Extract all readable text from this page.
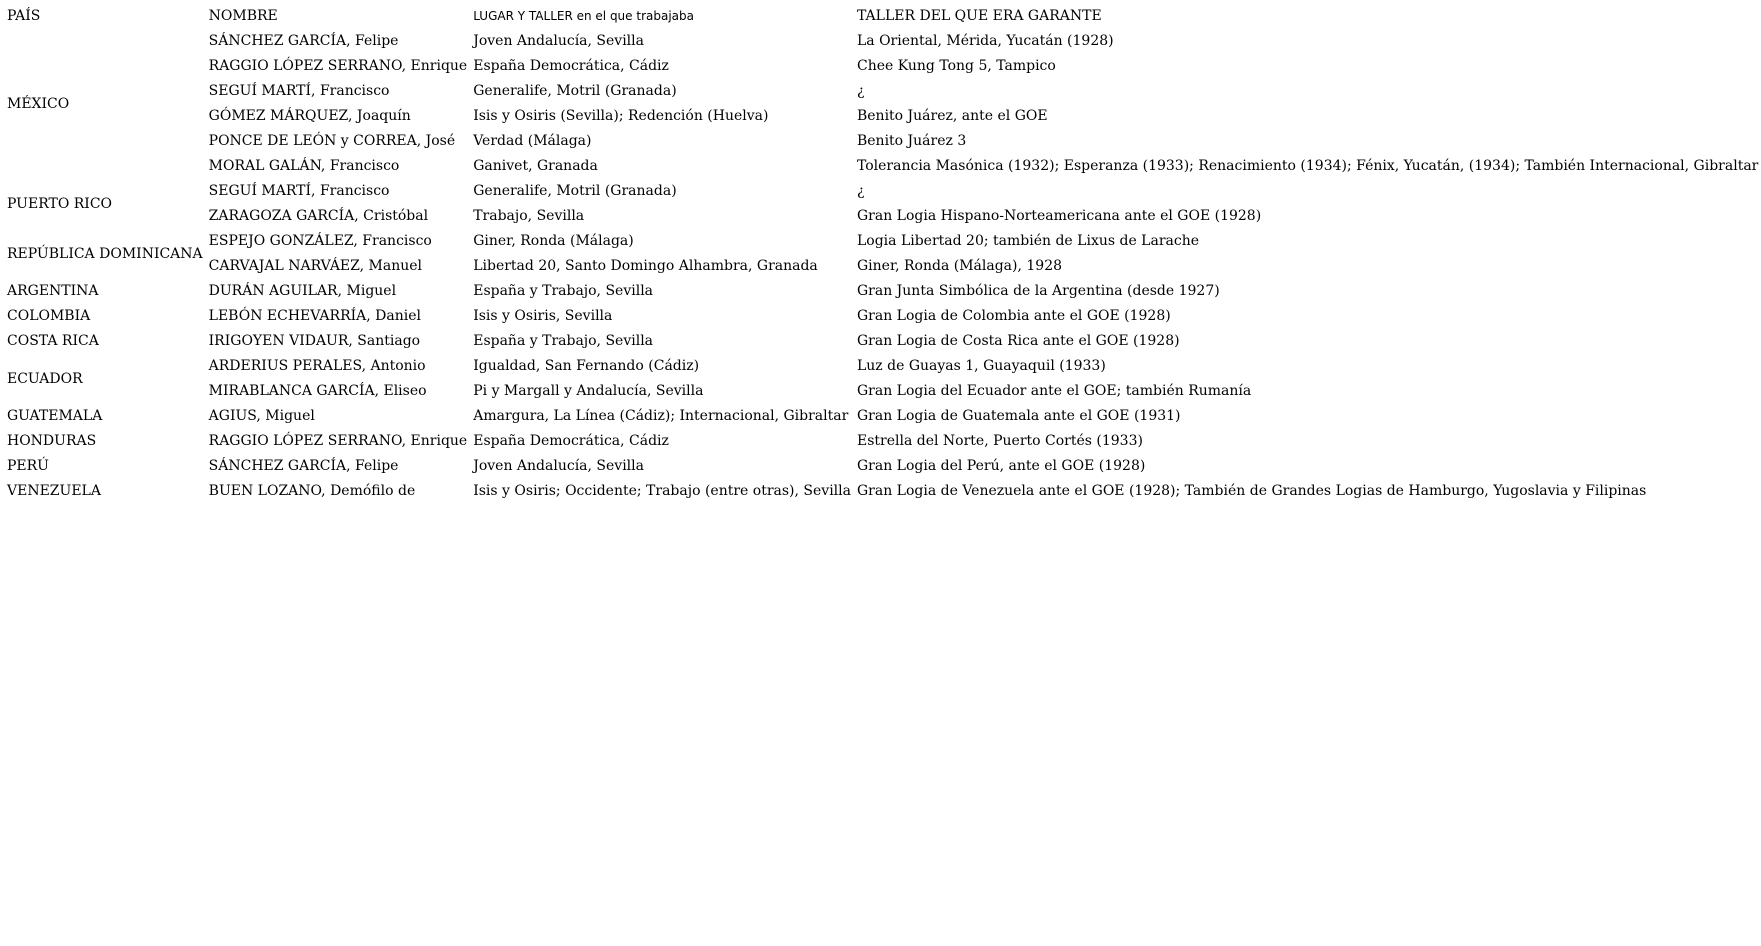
PAÍS	NOMBRE	LUGAR Y TALLER en el que trabajaba	TALLER DEL QUE ERA GARANTE
MÉXICO	SÁNCHEZ GARCÍA, Felipe	Joven Andalucía, Sevilla	La Oriental, Mérida, Yucatán (1928)
	RAGGIO LÓPEZ SERRANO, Enrique	España Democrática, Cádiz	Chee Kung Tong 5, Tampico
	SEGUÍ MARTÍ, Francisco	Generalife, Motril (Granada)	¿
	GÓMEZ MÁRQUEZ, Joaquín	Isis y Osiris (Sevilla); Redención (Huelva)	Benito Juárez, ante el GOE
	PONCE DE LEÓN y CORREA, José	Verdad (Málaga)	Benito Juárez 3
	MORAL GALÁN, Francisco	Ganivet, Granada	Tolerancia Masónica (1932); Esperanza (1933); Renacimiento (1934); Fénix, Yucatán, (1934); También Internacional, Gibraltar
PUERTO RICO	SEGUÍ MARTÍ, Francisco	Generalife, Motril (Granada)	¿
	ZARAGOZA GARCÍA, Cristóbal	Trabajo, Sevilla	Gran Logia Hispano-Norteamericana ante el GOE (1928)
REPÚBLICA DOMINICANA	ESPEJO GONZÁLEZ, Francisco	Giner, Ronda (Málaga)	Logia Libertad 20; también de Lixus de Larache
	CARVAJAL NARVÁEZ, Manuel	Libertad 20, Santo Domingo Alhambra, Granada	Giner, Ronda (Málaga), 1928
ARGENTINA	DURÁN AGUILAR, Miguel	España y Trabajo, Sevilla	Gran Junta Simbólica de la Argentina (desde 1927)
COLOMBIA	LEBÓN ECHEVARRÍA, Daniel	Isis y Osiris, Sevilla	Gran Logia de Colombia ante el GOE (1928)
COSTA RICA	IRIGOYEN VIDAUR, Santiago	España y Trabajo, Sevilla	Gran Logia de Costa Rica ante el GOE (1928)
ECUADOR	ARDERIUS PERALES, Antonio	Igualdad, San Fernando (Cádiz)	Luz de Guayas 1, Guayaquil (1933)
	MIRABLANCA GARCÍA, Eliseo	Pi y Margall y Andalucía, Sevilla	Gran Logia del Ecuador ante el GOE; también Rumanía
GUATEMALA	AGIUS, Miguel	Amargura, La Línea (Cádiz); Internacional, Gibraltar	Gran Logia de Guatemala ante el GOE (1931)
HONDURAS	RAGGIO LÓPEZ SERRANO, Enrique	España Democrática, Cádiz	Estrella del Norte, Puerto Cortés (1933)
PERÚ	SÁNCHEZ GARCÍA, Felipe	Joven Andalucía, Sevilla	Gran Logia del Perú, ante el GOE (1928)
VENEZUELA	BUEN LOZANO, Demófilo de	Isis y Osiris; Occidente; Trabajo (entre otras), Sevilla	Gran Logia de Venezuela ante el GOE (1928); También de Grandes Logias de Hamburgo, Yugoslavia y Filipinas
